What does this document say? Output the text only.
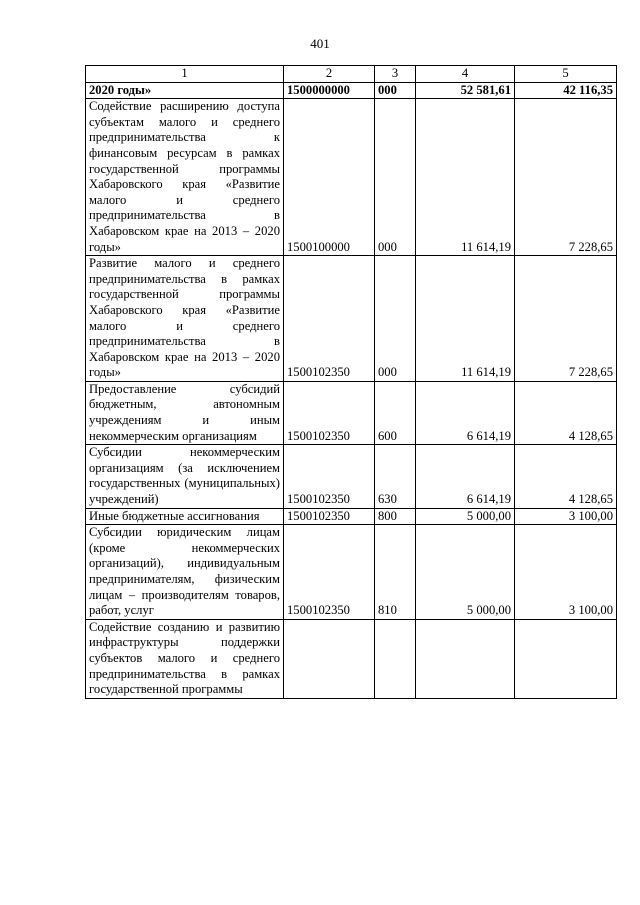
401
1	2	3	4	5
2020 годы»	1500000000	000	52 581,61	42 116,35
Содействие расширению доступа субъектам малого и среднего предпринимательства к финансовым ресурсам в рамках государственной программы Хабаровского края «Развитие малого и среднего предпринимательства в Хабаровском крае на 2013 – 2020 годы»	1500100000	000	11 614,19	7 228,65
Развитие малого и среднего предпринимательства в рамках государственной программы Хабаровского края «Развитие малого и среднего предпринимательства в Хабаровском крае на 2013 – 2020 годы»	1500102350	000	11 614,19	7 228,65
Предоставление субсидий бюджетным, автономным учреждениям и иным некоммерческим организациям	1500102350	600	6 614,19	4 128,65
Субсидии некоммерческим организациям (за исключением государственных (муниципальных) учреждений)	1500102350	630	6 614,19	4 128,65
Иные бюджетные ассигнования	1500102350	800	5 000,00	3 100,00
Субсидии юридическим лицам (кроме некоммерческих организаций), индивидуальным предпринимателям, физическим лицам – производителям товаров, работ, услуг	1500102350	810	5 000,00	3 100,00
Содействие созданию и развитию инфраструктуры поддержки субъектов малого и среднего предпринимательства в рамках государственной программы				
